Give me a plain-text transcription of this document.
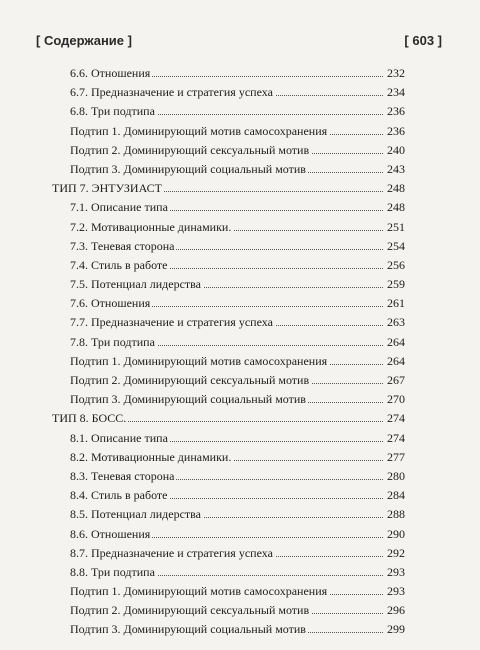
[ Содержание ]	[ 603 ]
6.6. Отношения	232
6.7. Предназначение и стратегия успеха	234
6.8. Три подтипа	236
Подтип 1. Доминирующий мотив самосохранения	236
Подтип 2. Доминирующий сексуальный мотив	240
Подтип 3. Доминирующий социальный мотив	243
ТИП 7. ЭНТУЗИАСТ	248
7.1. Описание типа	248
7.2. Мотивационные динамики.	251
7.3. Теневая сторона	254
7.4. Стиль в работе	256
7.5. Потенциал лидерства	259
7.6. Отношения	261
7.7. Предназначение и стратегия успеха	263
7.8. Три подтипа	264
Подтип 1. Доминирующий мотив самосохранения	264
Подтип 2. Доминирующий сексуальный мотив	267
Подтип 3. Доминирующий социальный мотив	270
ТИП 8. БОСС.	274
8.1. Описание типа	274
8.2. Мотивационные динамики.	277
8.3. Теневая сторона	280
8.4. Стиль в работе	284
8.5. Потенциал лидерства	288
8.6. Отношения	290
8.7. Предназначение и стратегия успеха	292
8.8. Три подтипа	293
Подтип 1. Доминирующий мотив самосохранения	293
Подтип 2. Доминирующий сексуальный мотив	296
Подтип 3. Доминирующий социальный мотив	299
